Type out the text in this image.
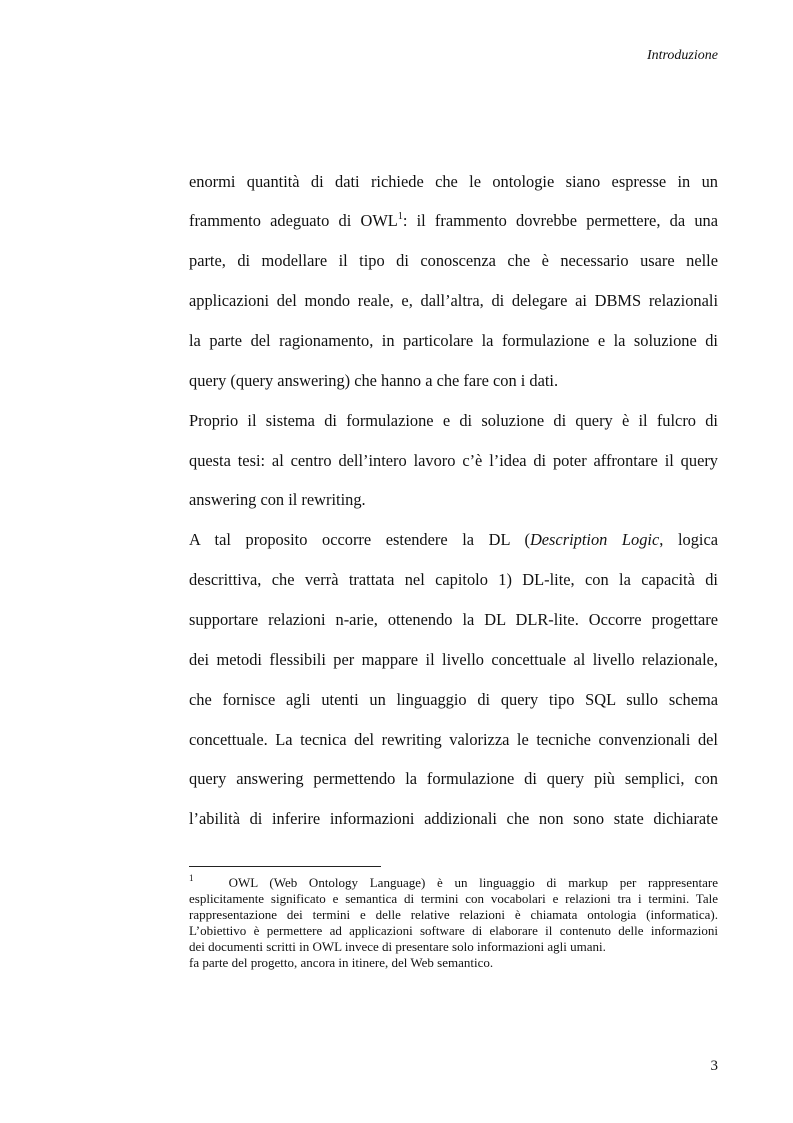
Introduzione
enormi quantità di dati richiede che le ontologie siano espresse in un
frammento adeguato di OWL$^1$: il frammento dovrebbe permettere, da una
parte, di modellare il tipo di conoscenza che è necessario usare nelle
applicazioni del mondo reale, e, dall’altra, di delegare ai DBMS relazionali
la parte del ragionamento, in particolare la formulazione e la soluzione di
query (query answering) che hanno a che fare con i dati.
Proprio il sistema di formulazione e di soluzione di query è il fulcro di
questa tesi: al centro dell’intero lavoro c’è l’idea di poter affrontare il query
answering con il rewriting.
A tal proposito occorre estendere la DL (Description Logic, logica
descrittiva, che verrà trattata nel capitolo 1) DL-lite, con la capacità di
supportare relazioni n-arie, ottenendo la DL DLR-lite. Occorre progettare
dei metodi flessibili per mappare il livello concettuale al livello relazionale,
che fornisce agli utenti un linguaggio di query tipo SQL sullo schema
concettuale. La tecnica del rewriting valorizza le tecniche convenzionali del
query answering permettendo la formulazione di query più semplici, con
l’abilità di inferire informazioni addizionali che non sono state dichiarate
$^1$	OWL (Web Ontology Language) è un linguaggio di markup per rappresentare
esplicitamente significato e semantica di termini con vocabolari e relazioni tra i termini. Tale
rappresentazione dei termini e delle relative relazioni è chiamata ontologia (informatica).
L’obiettivo è permettere ad applicazioni software di elaborare il contenuto delle informazioni
dei documenti scritti in OWL invece di presentare solo informazioni agli umani.
fa parte del progetto, ancora in itinere, del Web semantico.
3
